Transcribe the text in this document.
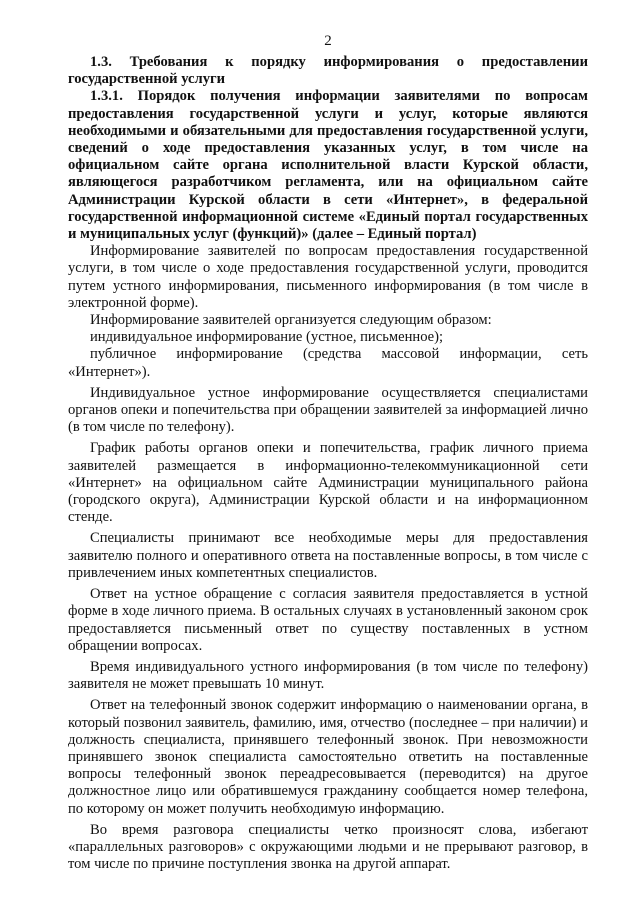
2

1.3. Требования к порядку информирования о предоставлении государственной услуги

1.3.1. Порядок получения информации заявителями по вопросам предоставления государственной услуги и услуг, которые являются необходимыми и обязательными для предоставления государственной услуги, сведений о ходе предоставления указанных услуг, в том числе на официальном сайте органа исполнительной власти Курской области, являющегося разработчиком регламента, или на официальном сайте Администрации Курской области в сети «Интернет», в федеральной государственной информационной системе «Единый портал государственных и муниципальных услуг (функций)» (далее – Единый портал)

Информирование заявителей по вопросам предоставления государственной услуги, в том числе о ходе предоставления государственной услуги, проводится путем устного информирования, письменного информирования (в том числе в электронной форме).

Информирование заявителей организуется следующим образом:

индивидуальное информирование (устное, письменное);

публичное информирование (средства массовой информации, сеть «Интернет»).

Индивидуальное устное информирование осуществляется специалистами органов опеки и попечительства при обращении заявителей за информацией лично (в том числе по телефону).

График работы органов опеки и попечительства, график личного приема заявителей размещается в информационно-телекоммуникационной сети «Интернет» на официальном сайте Администрации муниципального района (городского округа), Администрации Курской области и на информационном стенде.

Специалисты принимают все необходимые меры для предоставления заявителю полного и оперативного ответа на поставленные вопросы, в том числе с привлечением иных компетентных специалистов.

Ответ на устное обращение с согласия заявителя предоставляется в устной форме в ходе личного приема. В остальных случаях в установленный законом срок предоставляется письменный ответ по существу поставленных в устном обращении вопросах.

Время индивидуального устного информирования (в том числе по телефону) заявителя не может превышать 10 минут.

Ответ на телефонный звонок содержит информацию о наименовании органа, в который позвонил заявитель, фамилию, имя, отчество (последнее – при наличии) и должность специалиста, принявшего телефонный звонок. При невозможности принявшего звонок специалиста самостоятельно ответить на поставленные вопросы телефонный звонок переадресовывается (переводится) на другое должностное лицо или обратившемуся гражданину сообщается номер телефона, по которому он может получить необходимую информацию.

Во время разговора специалисты четко произносят слова, избегают «параллельных разговоров» с окружающими людьми и не прерывают разговор, в том числе по причине поступления звонка на другой аппарат.
